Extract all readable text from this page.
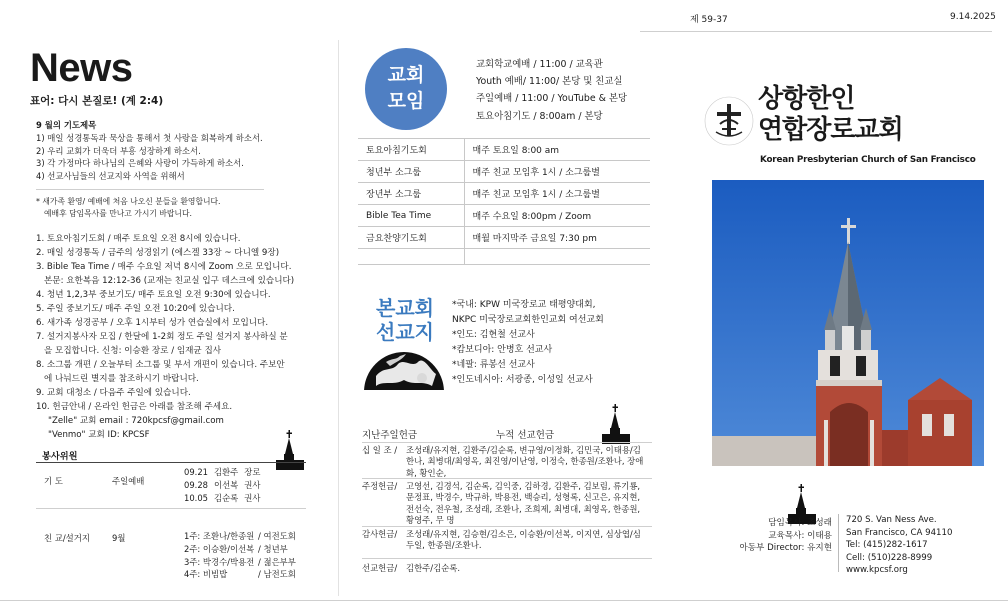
제 59-37	9.14.2025
News
표어: 다시 본질로! (계 2:4)

9 월의 기도제목

1) 매일 성경통독과 묵상을 통해서 첫 사랑을 회복하게 하소서.

2) 우리 교회가 더욱더 부흥 성장하게 하소서.

3) 각 가정마다 하나님의 은혜와 사랑이 가득하게 하소서.

4) 선교사님들의 선교지와 사역을 위해서

* 새가족 환영/ 예배에 처음 나오신 분들을 환영합니다.

예배후 담임목사를 만나고 가시기 바랍니다.

1. 토요아침기도회 / 매주 토요일 오전 8시에 있습니다.

2. 매일 성경통독 / 금주의 성경읽기 (에스겔 33장 ~ 다니엘 9장)

3. Bible Tea Time / 매주 수요일 저녁 8시에 Zoom 으로 모입니다.

본문: 요한복음 12:12-36 (교재는 친교실 입구 데스크에 있습니다)

4. 청년 1,2,3부 중보기도/ 매주 토요일 오전 9:30에 있습니다.

5. 주일 중보기도/ 매주 주일 오전 10:20에 있습니다.

6. 새가족 성경공부 / 오후 1시부터 성가 연습실에서 모입니다.

7. 설거지봉사자 모집 / 한달에 1-2회 정도 주일 설거지 봉사하실 분

을 모집합니다. 신청: 이승환 장로 / 임재균 집사

8. 소그룹 개편 / 오늘부터 소그룹 및 부서 개편이 있습니다. 주보안

에 나눠드린 별지를 참조하시기 바랍니다.

9. 교회 대청소 / 다음주 주일에 있습니다.

10. 헌금안내 / 온라인 헌금은 아래를 참조해 주세요.

"Zelle" 교회 email : 720kpcsf@gmail.com

"Venmo" 교회 ID: KPCSF

봉사위원
기 도	주일예배
09.21 김환주 장로
09.28 이선복 권사
10.05 김순록 권사
친 교/설거지	9월	1주: 조환나/한종원 / 여전도회
2주: 이승환/이선복 / 청년부
3주: 박경수/박용전 / 젊은부부
4주: 비빔밥	/ 남전도회
교회
모임

교회학교예배 / 11:00 / 교육관

Youth 예배/ 11:00/ 본당 및 친교실

주일예배 / 11:00 / YouTube & 본당

토요아침기도 / 8:00am / 본당

토요아침기도회	매주 토요일 8:00 am
청년부 소그룹	매주 친교 모임후 1시 / 소그룹별
장년부 소그룹	매주 친교 모임후 1시 / 소그룹별
Bible Tea Time	매주 수요일 8:00pm / Zoom
금요찬양기도회	매월 마지막주 금요일 7:30 pm

본교회

선교지

*국내: KPW 미국장로교 태평양대회,

NKPC 미국장로교회한인교회 여선교회

*인도: 김현철 선교사

*캄보디아: 안병호 선교사

*네팔: 류봉선 선교사

*인도네시아: 서광종, 이성일 선교사

지난주일헌금	누적 선교헌금
십 일 조 /	조성래/유지현, 김환주/김순록, 변규영/이정화, 김민국, 이태용/김한나, 최병대/최영옥, 최진영/이난영, 이정숙, 한종원/조환나, 장애화, 황인순,
주정헌금/	고영선, 김경석, 김순록, 김익중, 김하경, 김환주, 김보림, 류기룡, 문정표, 박경수, 박규하, 박용전, 백승리, 성형록, 신고은, 유지현, 전선숙, 전우철, 조성래, 조환나, 조희제, 최병대, 최영옥, 한종원, 황영주, 무 명
감사헌금/	조성래/유지현, 김승현/김소은, 이승환/이선복, 이지연, 심상엽/심두일, 한종원/조환나.
선교헌금/	김한주/김순록.

상항한인

연합장로교회

Korean Presbyterian Church of San Francisco

담임목사: 조성래

교육목사: 이태용

아동부 Director: 유지현

720 S. Van Ness Ave.

San Francisco, CA 94110

Tel: (415)282-1617

Cell: (510)228-8999

www.kpcsf.org
